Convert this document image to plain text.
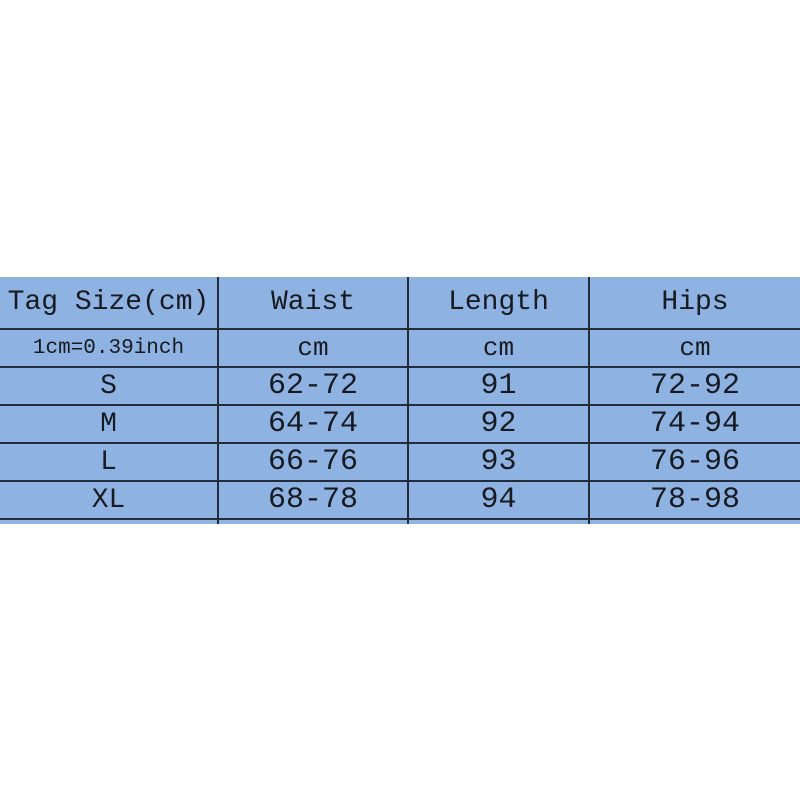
Tag Size(cm)	Waist	Length	Hips
1cm=0.39inch	cm	cm	cm
S	62-72	91	72-92
M	64-74	92	74-94
L	66-76	93	76-96
XL	68-78	94	78-98
